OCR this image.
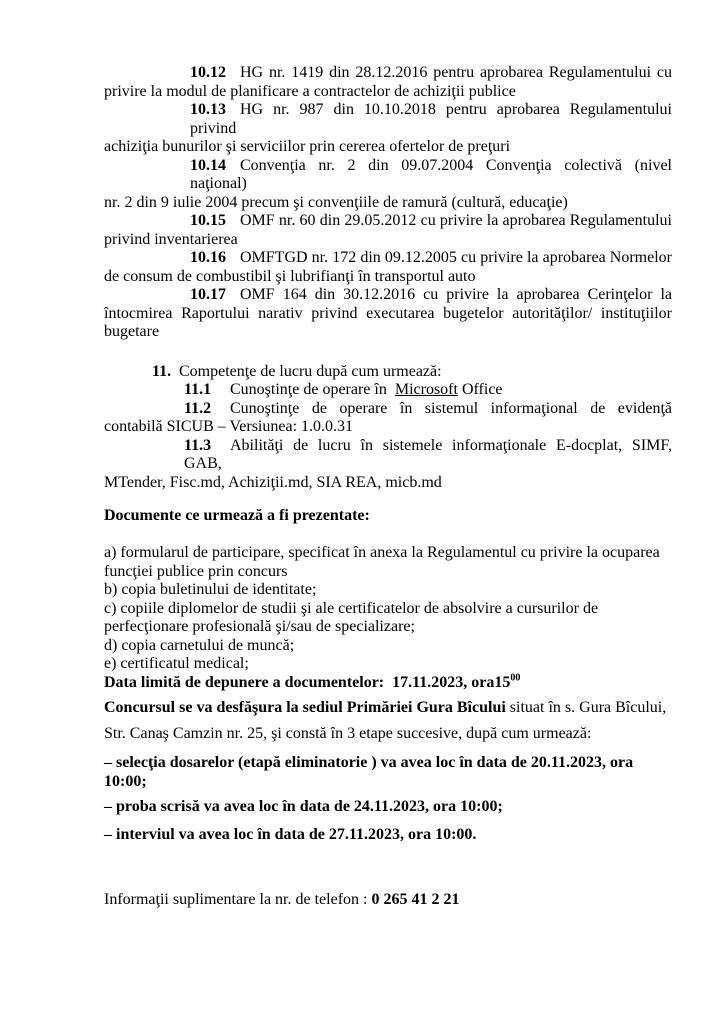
10.12 HG nr. 1419 din 28.12.2016 pentru aprobarea Regulamentului cu
privire la modul de planificare a contractelor de achiziţii publice
10.13 HG nr. 987 din 10.10.2018 pentru aprobarea Regulamentului privind
achiziţia bunurilor şi serviciilor prin cererea ofertelor de preţuri
10.14 Convenţia nr. 2 din 09.07.2004 Convenţia colectivă (nivel naţional)
nr. 2 din 9 iulie 2004 precum şi convenţiile de ramură (cultură, educaţie)
10.15 OMF nr. 60 din 29.05.2012 cu privire la aprobarea Regulamentului
privind inventarierea
10.16 OMFTGD nr. 172 din 09.12.2005 cu privire la aprobarea Normelor
de consum de combustibil şi lubrifianţi în transportul auto
10.17 OMF 164 din 30.12.2016 cu privire la aprobarea Cerinţelor la
întocmirea Raportului narativ privind executarea bugetelor autorităţilor/ instituţiilor
bugetare
11. Competenţe de lucru după cum urmează:
11.1 Cunoştinţe de operare în  Microsoft Office
11.2 Cunoştinţe de operare în sistemul informaţional de evidenţă
contabilă SICUB – Versiunea: 1.0.0.31
11.3 Abilităţi de lucru în sistemele informaţionale E-docplat, SIMF, GAB,
MTender, Fisc.md, Achiziţii.md, SIA REA, micb.md
Documente ce urmează a fi prezentate:
a) formularul de participare, specificat în anexa la Regulamentul cu privire la ocuparea
funcţiei publice prin concurs
b) copia buletinului de identitate;
c) copiile diplomelor de studii şi ale certificatelor de absolvire a cursurilor de
perfecţionare profesională şi/sau de specializare;
d) copia carnetului de muncă;
e) certificatul medical;
Data limită de depunere a documentelor:  17.11.2023, $ora15^{00}$
Concursul se va desfăşura la sediul Primăriei Gura Bîcului situat în s. Gura Bîcului,
Str. Canaş Camzin nr. 25, şi constă în 3 etape succesive, după cum urmează:
– selecţia dosarelor (etapă eliminatorie ) va avea loc în data de 20.11.2023, ora
10:00;
– proba scrisă va avea loc în data de 24.11.2023, ora 10:00;
– interviul va avea loc în data de 27.11.2023, ora 10:00.
Informaţii suplimentare la nr. de telefon : 0 265 41 2 21
